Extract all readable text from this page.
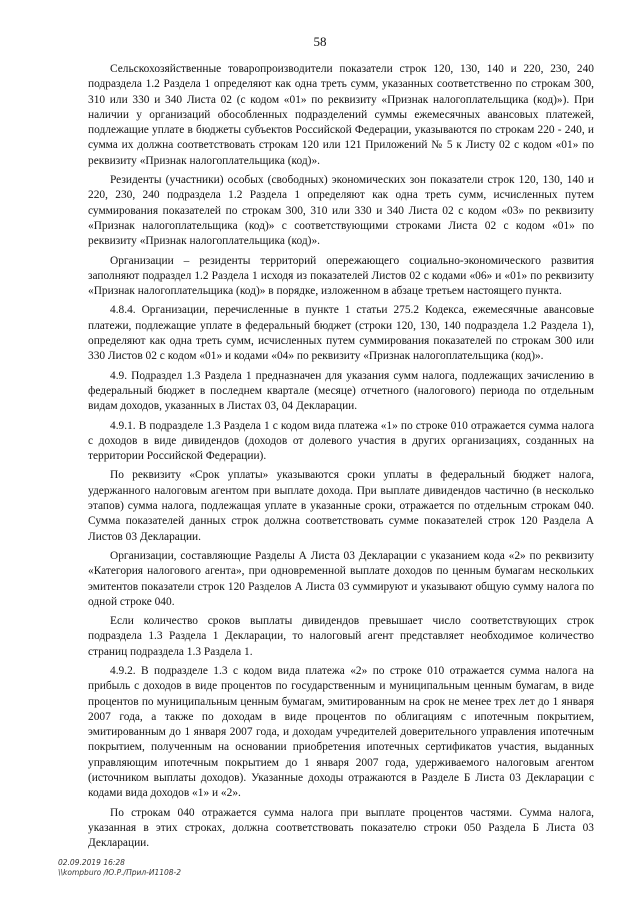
58

Сельскохозяйственные товаропроизводители показатели строк 120, 130, 140 и 220, 230, 240 подраздела 1.2 Раздела 1 определяют как одна треть сумм, указанных соответственно по строкам 300, 310 или 330 и 340 Листа 02 (с кодом «01» по реквизиту «Признак налогоплательщика (код)»). При наличии у организаций обособленных подразделений суммы ежемесячных авансовых платежей, подлежащие уплате в бюджеты субъектов Российской Федерации, указываются по строкам 220 - 240, и сумма их должна соответствовать строкам 120 или 121 Приложений № 5 к Листу 02 с кодом «01» по реквизиту «Признак налогоплательщика (код)».

Резиденты (участники) особых (свободных) экономических зон показатели строк 120, 130, 140 и 220, 230, 240 подраздела 1.2 Раздела 1 определяют как одна треть сумм, исчисленных путем суммирования показателей по строкам 300, 310 или 330 и 340 Листа 02 с кодом «03» по реквизиту «Признак налогоплательщика (код)» с соответствующими строками Листа 02 с кодом «01» по реквизиту «Признак налогоплательщика (код)».

Организации – резиденты территорий опережающего социально-экономического развития заполняют подраздел 1.2 Раздела 1 исходя из показателей Листов 02 с кодами «06» и «01» по реквизиту «Признак налогоплательщика (код)» в порядке, изложенном в абзаце третьем настоящего пункта.

4.8.4. Организации, перечисленные в пункте 1 статьи 275.2 Кодекса, ежемесячные авансовые платежи, подлежащие уплате в федеральный бюджет (строки 120, 130, 140 подраздела 1.2 Раздела 1), определяют как одна треть сумм, исчисленных путем суммирования показателей по строкам 300 или 330 Листов 02 с кодом «01» и кодами «04» по реквизиту «Признак налогоплательщика (код)».

4.9. Подраздел 1.3 Раздела 1 предназначен для указания сумм налога, подлежащих зачислению в федеральный бюджет в последнем квартале (месяце) отчетного (налогового) периода по отдельным видам доходов, указанных в Листах 03, 04 Декларации.

4.9.1. В подразделе 1.3 Раздела 1 с кодом вида платежа «1» по строке 010 отражается сумма налога с доходов в виде дивидендов (доходов от долевого участия в других организациях, созданных на территории Российской Федерации).

По реквизиту «Срок уплаты» указываются сроки уплаты в федеральный бюджет налога, удержанного налоговым агентом при выплате дохода. При выплате дивидендов частично (в несколько этапов) сумма налога, подлежащая уплате в указанные сроки, отражается по отдельным строкам 040. Сумма показателей данных строк должна соответствовать сумме показателей строк 120 Раздела А Листов 03 Декларации.

Организации, составляющие Разделы А Листа 03 Декларации с указанием кода «2» по реквизиту «Категория налогового агента», при одновременной выплате доходов по ценным бумагам нескольких эмитентов показатели строк 120 Разделов А Листа 03 суммируют и указывают общую сумму налога по одной строке 040.

Если количество сроков выплаты дивидендов превышает число соответствующих строк подраздела 1.3 Раздела 1 Декларации, то налоговый агент представляет необходимое количество страниц подраздела 1.3 Раздела 1.

4.9.2. В подразделе 1.3 с кодом вида платежа «2» по строке 010 отражается сумма налога на прибыль с доходов в виде процентов по государственным и муниципальным ценным бумагам, в виде процентов по муниципальным ценным бумагам, эмитированным на срок не менее трех лет до 1 января 2007 года, а также по доходам в виде процентов по облигациям с ипотечным покрытием, эмитированным до 1 января 2007 года, и доходам учредителей доверительного управления ипотечным покрытием, полученным на основании приобретения ипотечных сертификатов участия, выданных управляющим ипотечным покрытием до 1 января 2007 года, удерживаемого налоговым агентом (источником выплаты доходов). Указанные доходы отражаются в Разделе Б Листа 03 Декларации с кодами вида доходов «1» и «2».

По строкам 040 отражается сумма налога при выплате процентов частями. Сумма налога, указанная в этих строках, должна соответствовать показателю строки 050 Раздела Б Листа 03 Декларации.

02.09.2019 16:28
\\kompburo /Ю.Р./Прил-И1108-2
